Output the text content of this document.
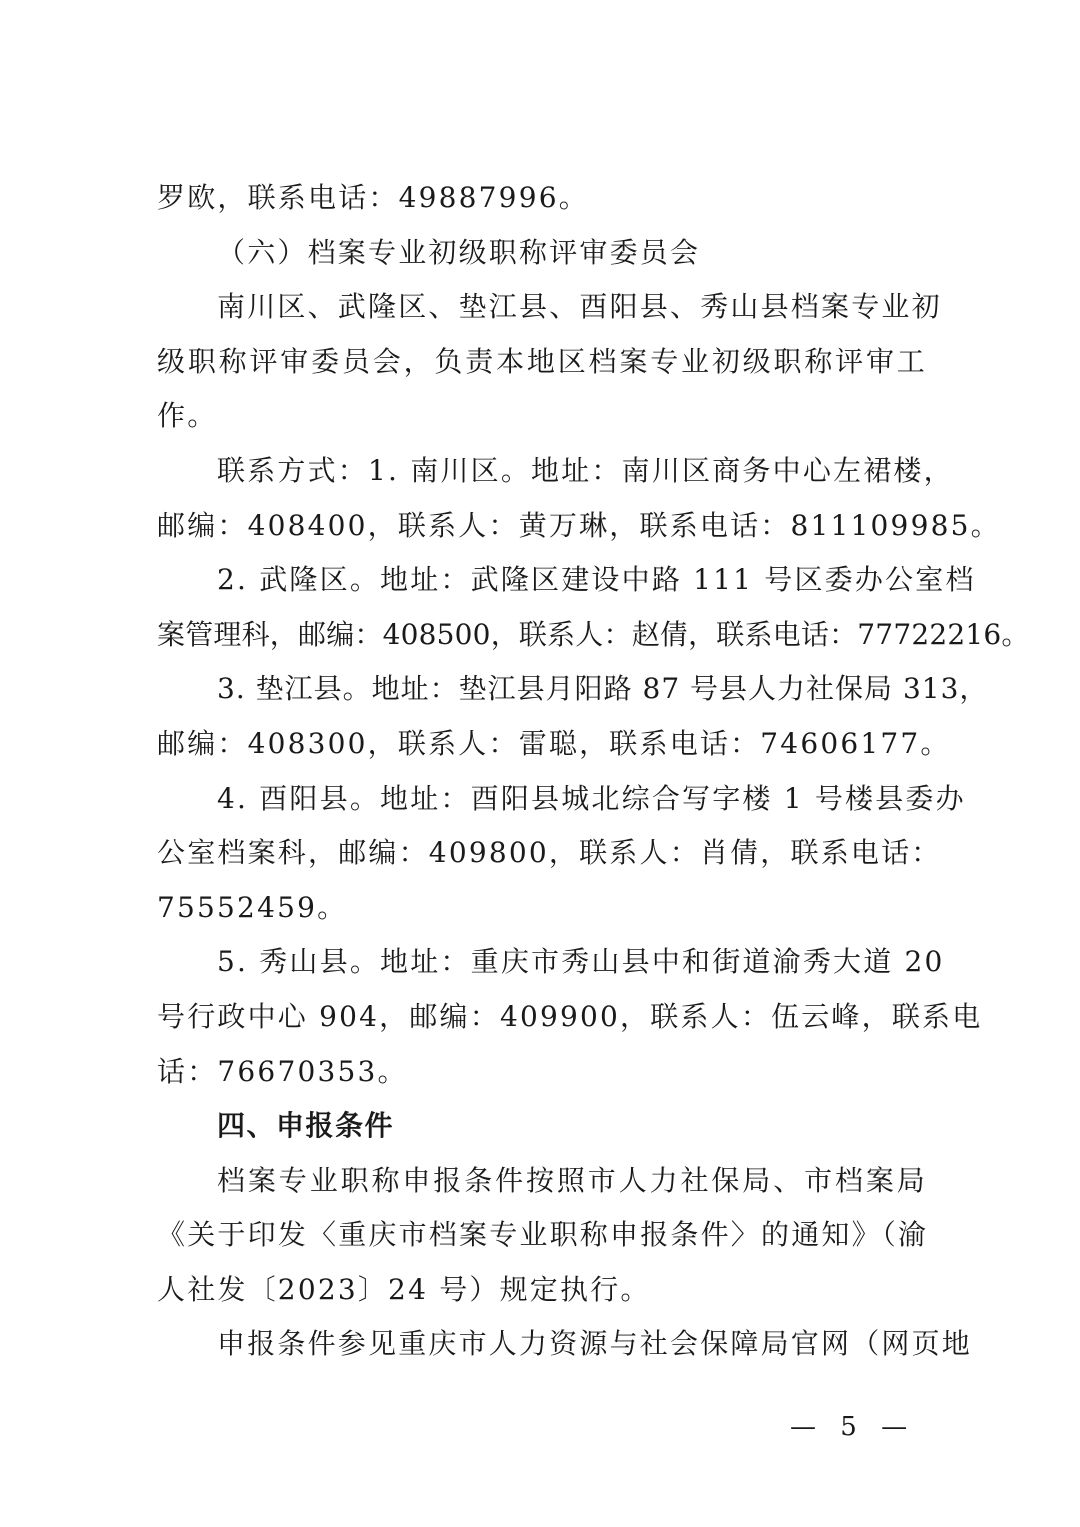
罗欧，联系电话：49887996。
（六）档案专业初级职称评审委员会
南川区、武隆区、垫江县、酉阳县、秀山县档案专业初
级职称评审委员会，负责本地区档案专业初级职称评审工
作。
联系方式：1. 南川区。地址：南川区商务中心左裙楼，
邮编：408400，联系人：黄万琳，联系电话：811109985。
2. 武隆区。地址：武隆区建设中路 111 号区委办公室档
案管理科，邮编：408500，联系人：赵倩，联系电话：77722216。
3. 垫江县。地址：垫江县月阳路 87 号县人力社保局 313，
邮编：408300，联系人：雷聪，联系电话：74606177。
4. 酉阳县。地址：酉阳县城北综合写字楼 1 号楼县委办
公室档案科，邮编：409800，联系人：肖倩，联系电话：
75552459。
5. 秀山县。地址：重庆市秀山县中和街道渝秀大道 20
号行政中心 904，邮编：409900，联系人：伍云峰，联系电
话：76670353。
四、申报条件
档案专业职称申报条件按照市人力社保局、市档案局
《关于印发〈重庆市档案专业职称申报条件〉的通知》（渝
人社发〔2023〕24 号）规定执行。
申报条件参见重庆市人力资源与社会保障局官网（网页地
— 5 —
